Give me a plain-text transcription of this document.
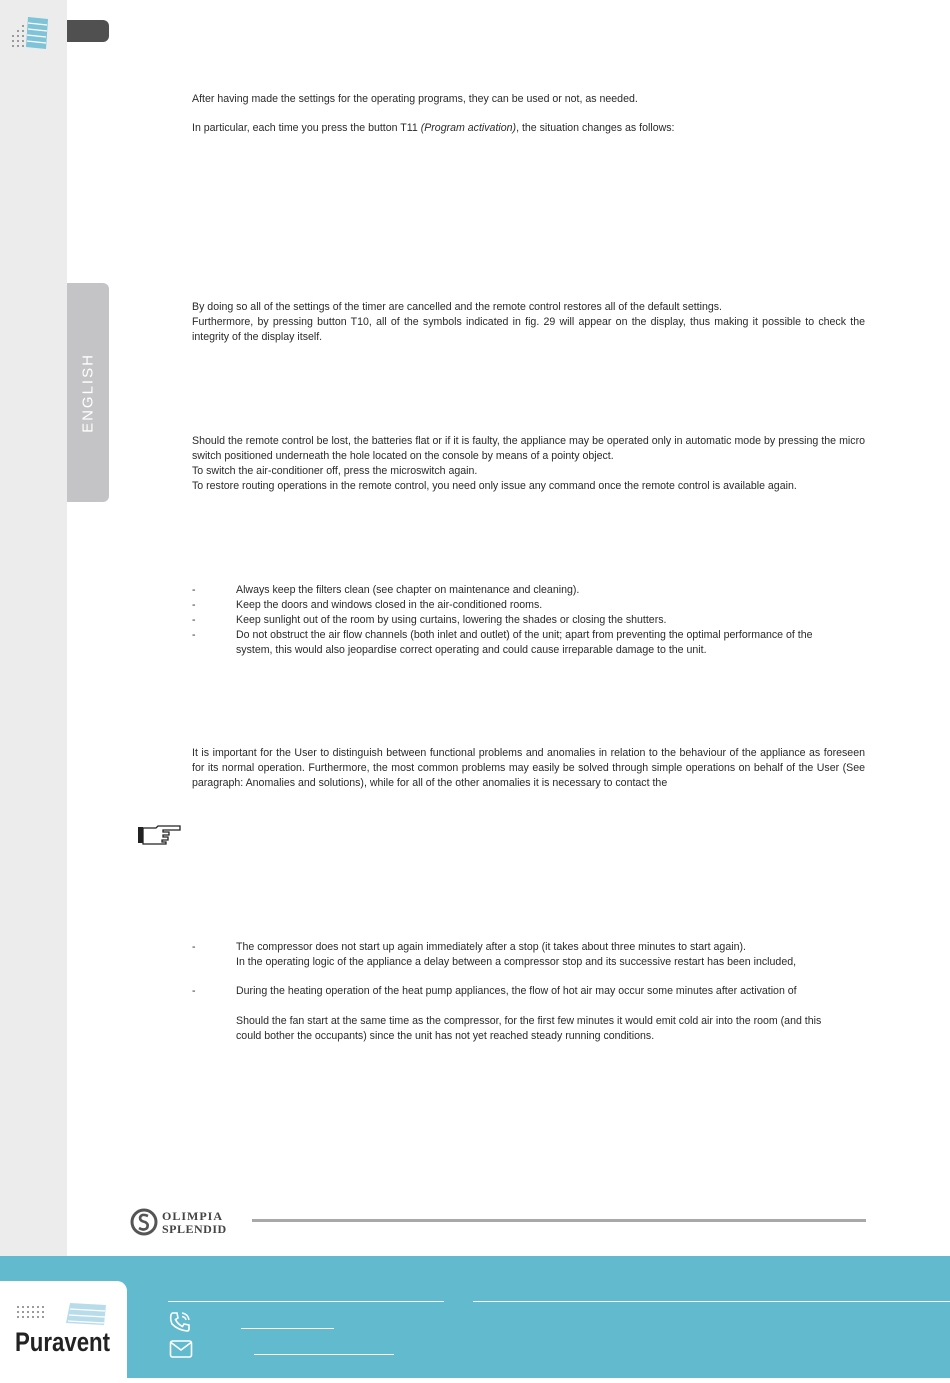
ENGLISH

After having made the settings for the operating programs, they can be used or not, as needed.

In particular, each time you press the button T11 (Program activation), the situation changes as follows:

By doing so all of the settings of the timer are cancelled and the remote control restores all of the default settings.

Furthermore, by pressing button T10, all of the symbols indicated in fig. 29 will appear on the display, thus making it possible to check the integrity of the display itself.

Should the remote control be lost, the batteries flat or if it is faulty, the appliance may be operated only in automatic mode by pressing the micro switch positioned underneath the hole located on the console by means of a pointy object.

To switch the air-conditioner off, press the microswitch again.

To restore routing operations in the remote control, you need only issue any command once the remote control is available again.

-	Always keep the filters clean (see chapter on maintenance and cleaning).
-	Keep the doors and windows closed in the air-conditioned rooms.
-	Keep sunlight out of the room by using curtains, lowering the shades or closing the shutters.
-	Do not obstruct the air flow channels (both inlet and outlet) of the unit; apart from preventing the optimal performance of the system, this would also jeopardise correct operating and could cause irreparable damage to the unit.

It is important for the User to distinguish between functional problems and anomalies in relation to the behaviour of the appliance as foreseen for its normal operation. Furthermore, the most common problems may easily be solved through simple operations on behalf of the User (See paragraph: Anomalies and solutions), while for all of the other anomalies it is necessary to contact the

-	The compressor does not start up again immediately after a stop (it takes about three minutes to start again).
In the operating logic of the appliance a delay between a compressor stop and its successive restart has been included,
-	During the heating operation of the heat pump appliances, the flow of hot air may occur some minutes after activation of

Should the fan start at the same time as the compressor, for the first few minutes it would emit cold air into the room (and this could bother the occupants) since the unit has not yet reached steady running conditions.
OLIMPIA
SPLENDID
Puravent
